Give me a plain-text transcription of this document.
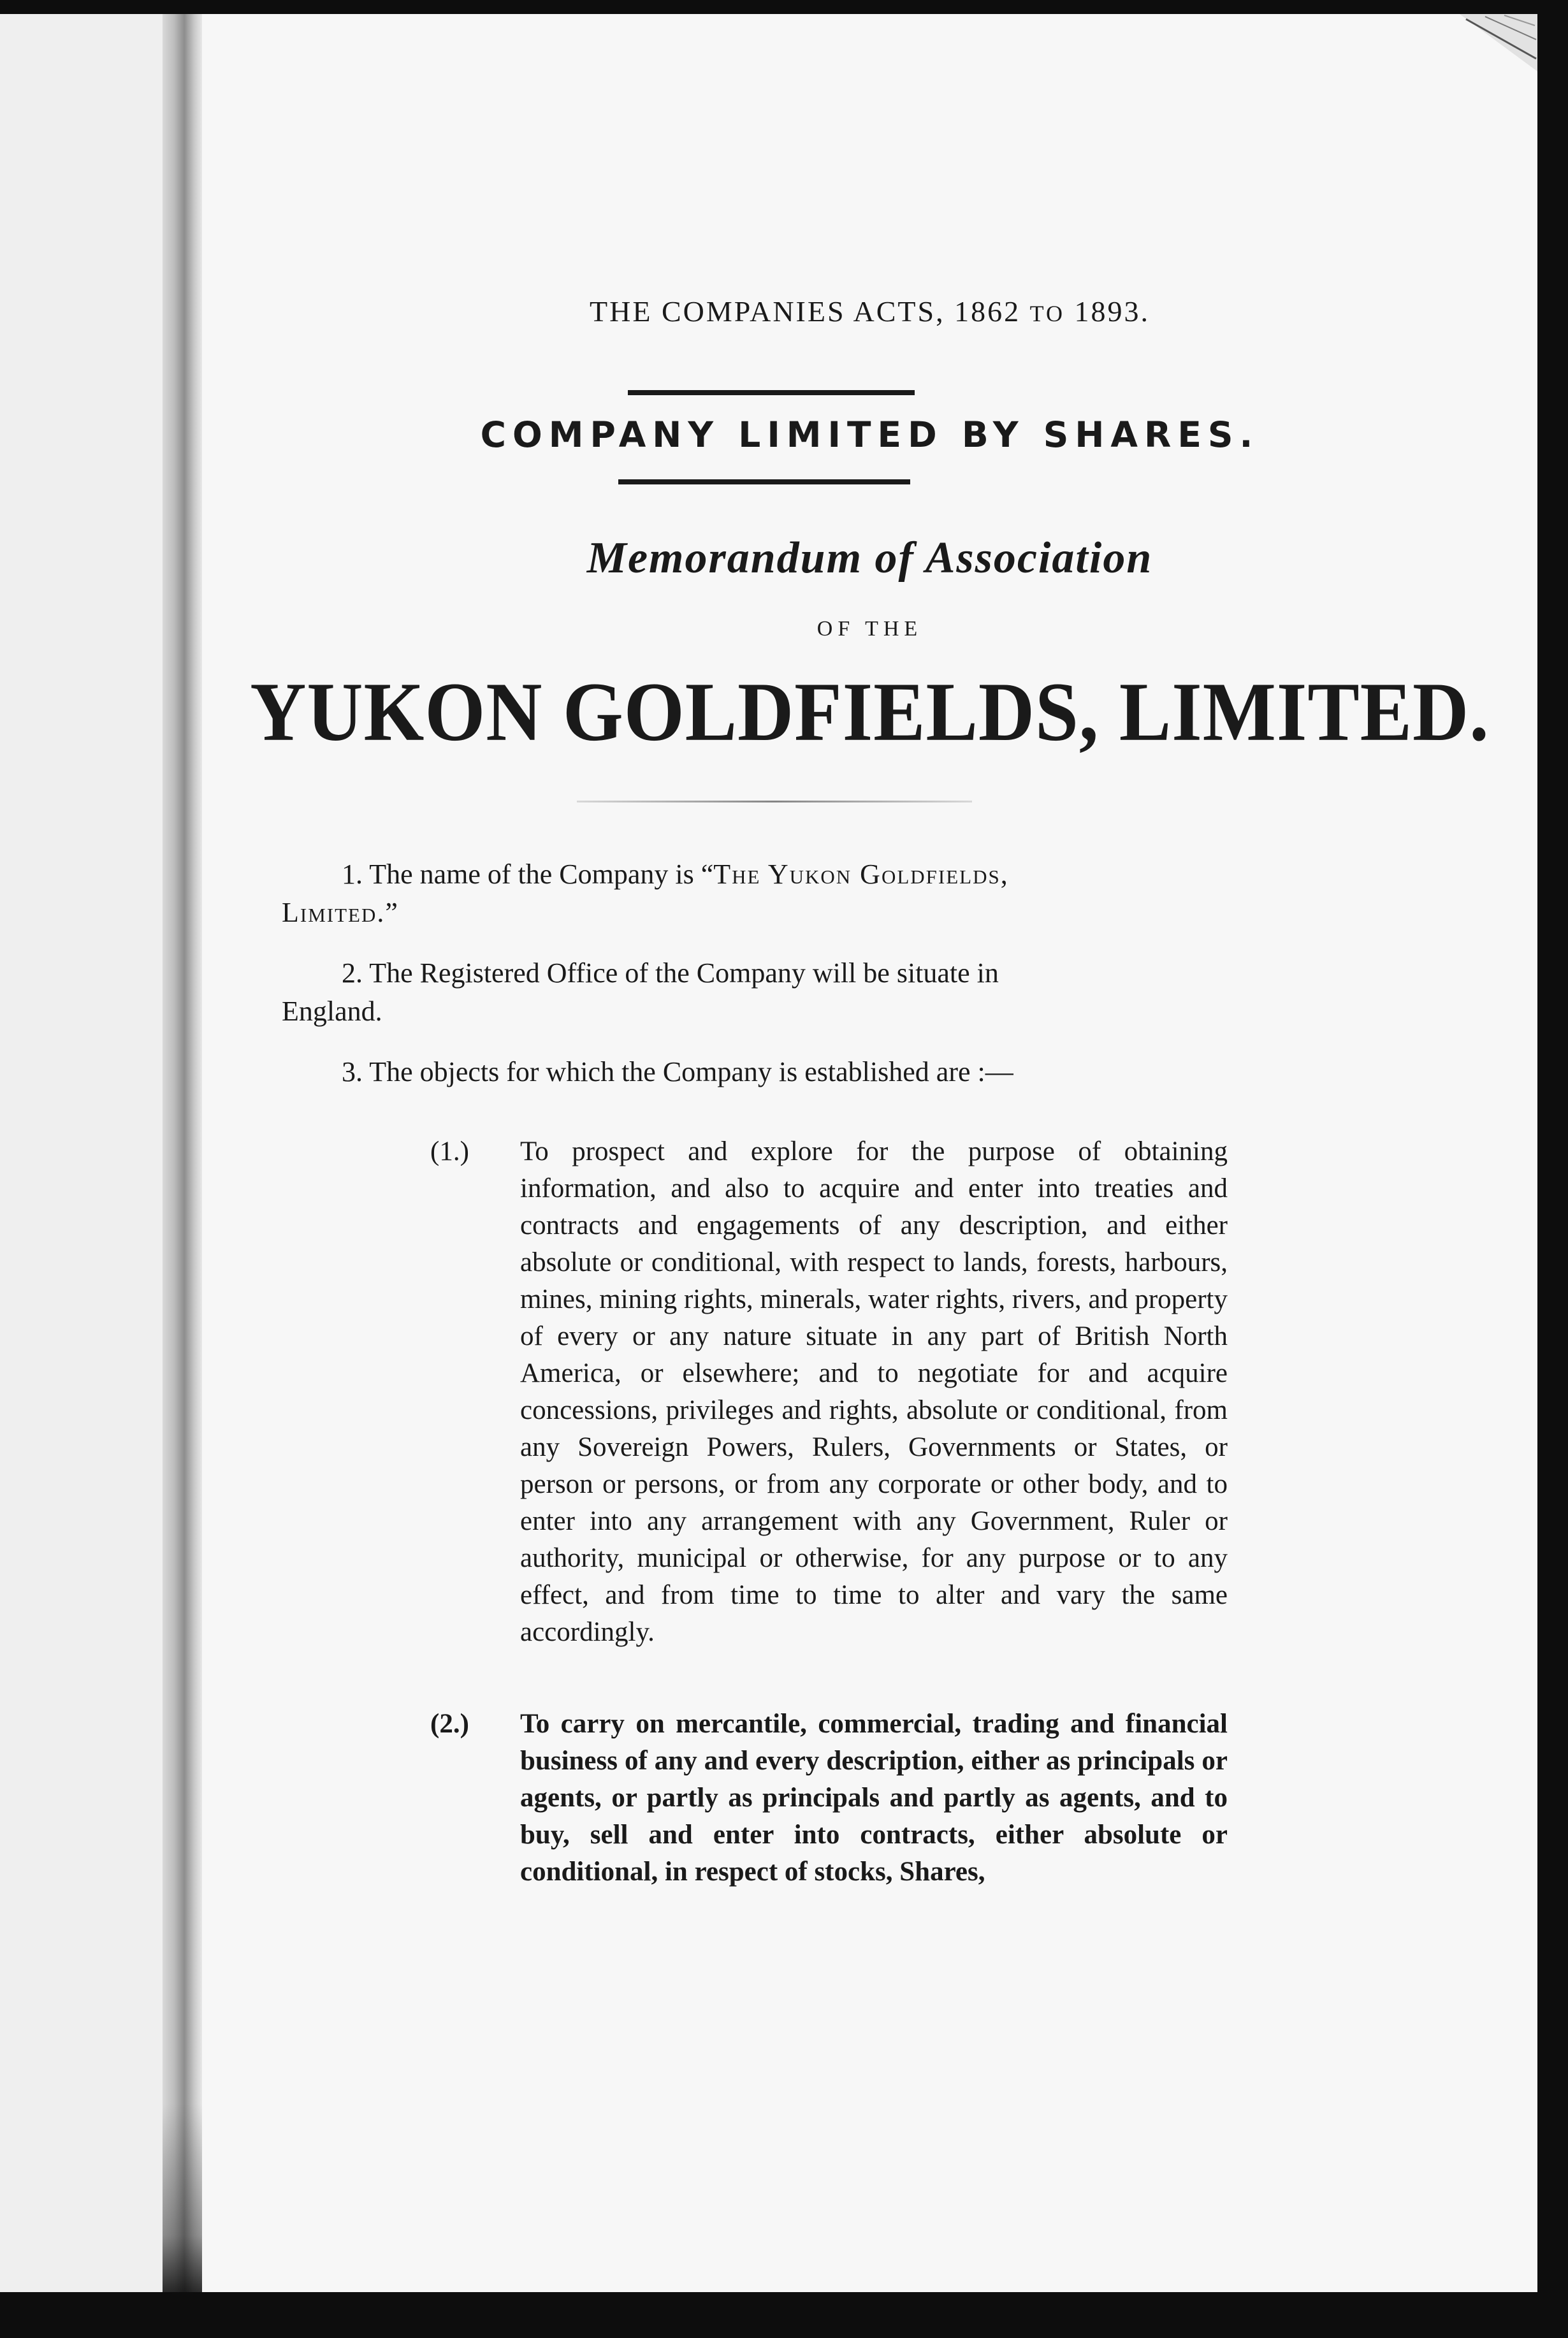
THE COMPANIES ACTS, 1862 TO 1893.
COMPANY LIMITED BY SHARES.
Memorandum of Association
OF THE
YUKON GOLDFIELDS, LIMITED.
1. The name of the Company is “The Yukon Goldfields,
Limited.”
2. The Registered Office of the Company will be situate in
England.
3. The objects for which the Company is established are :—
(1.) To prospect and explore for the purpose of obtaining information, and also to acquire and enter into treaties and contracts and engagements of any description, and either absolute or conditional, with respect to lands, forests, harbours, mines, mining rights, minerals, water rights, rivers, and property of every or any nature situate in any part of British North America, or elsewhere; and to negotiate for and acquire concessions, privileges and rights, absolute or conditional, from any Sovereign Powers, Rulers, Governments or States, or person or persons, or from any corporate or other body, and to enter into any arrangement with any Government, Ruler or authority, municipal or otherwise, for any purpose or to any effect, and from time to time to alter and vary the same accordingly.
(2.) To carry on mercantile, commercial, trading and financial business of any and every description, either as principals or agents, or partly as principals and partly as agents, and to buy, sell and enter into contracts, either absolute or conditional, in respect of stocks, Shares,
